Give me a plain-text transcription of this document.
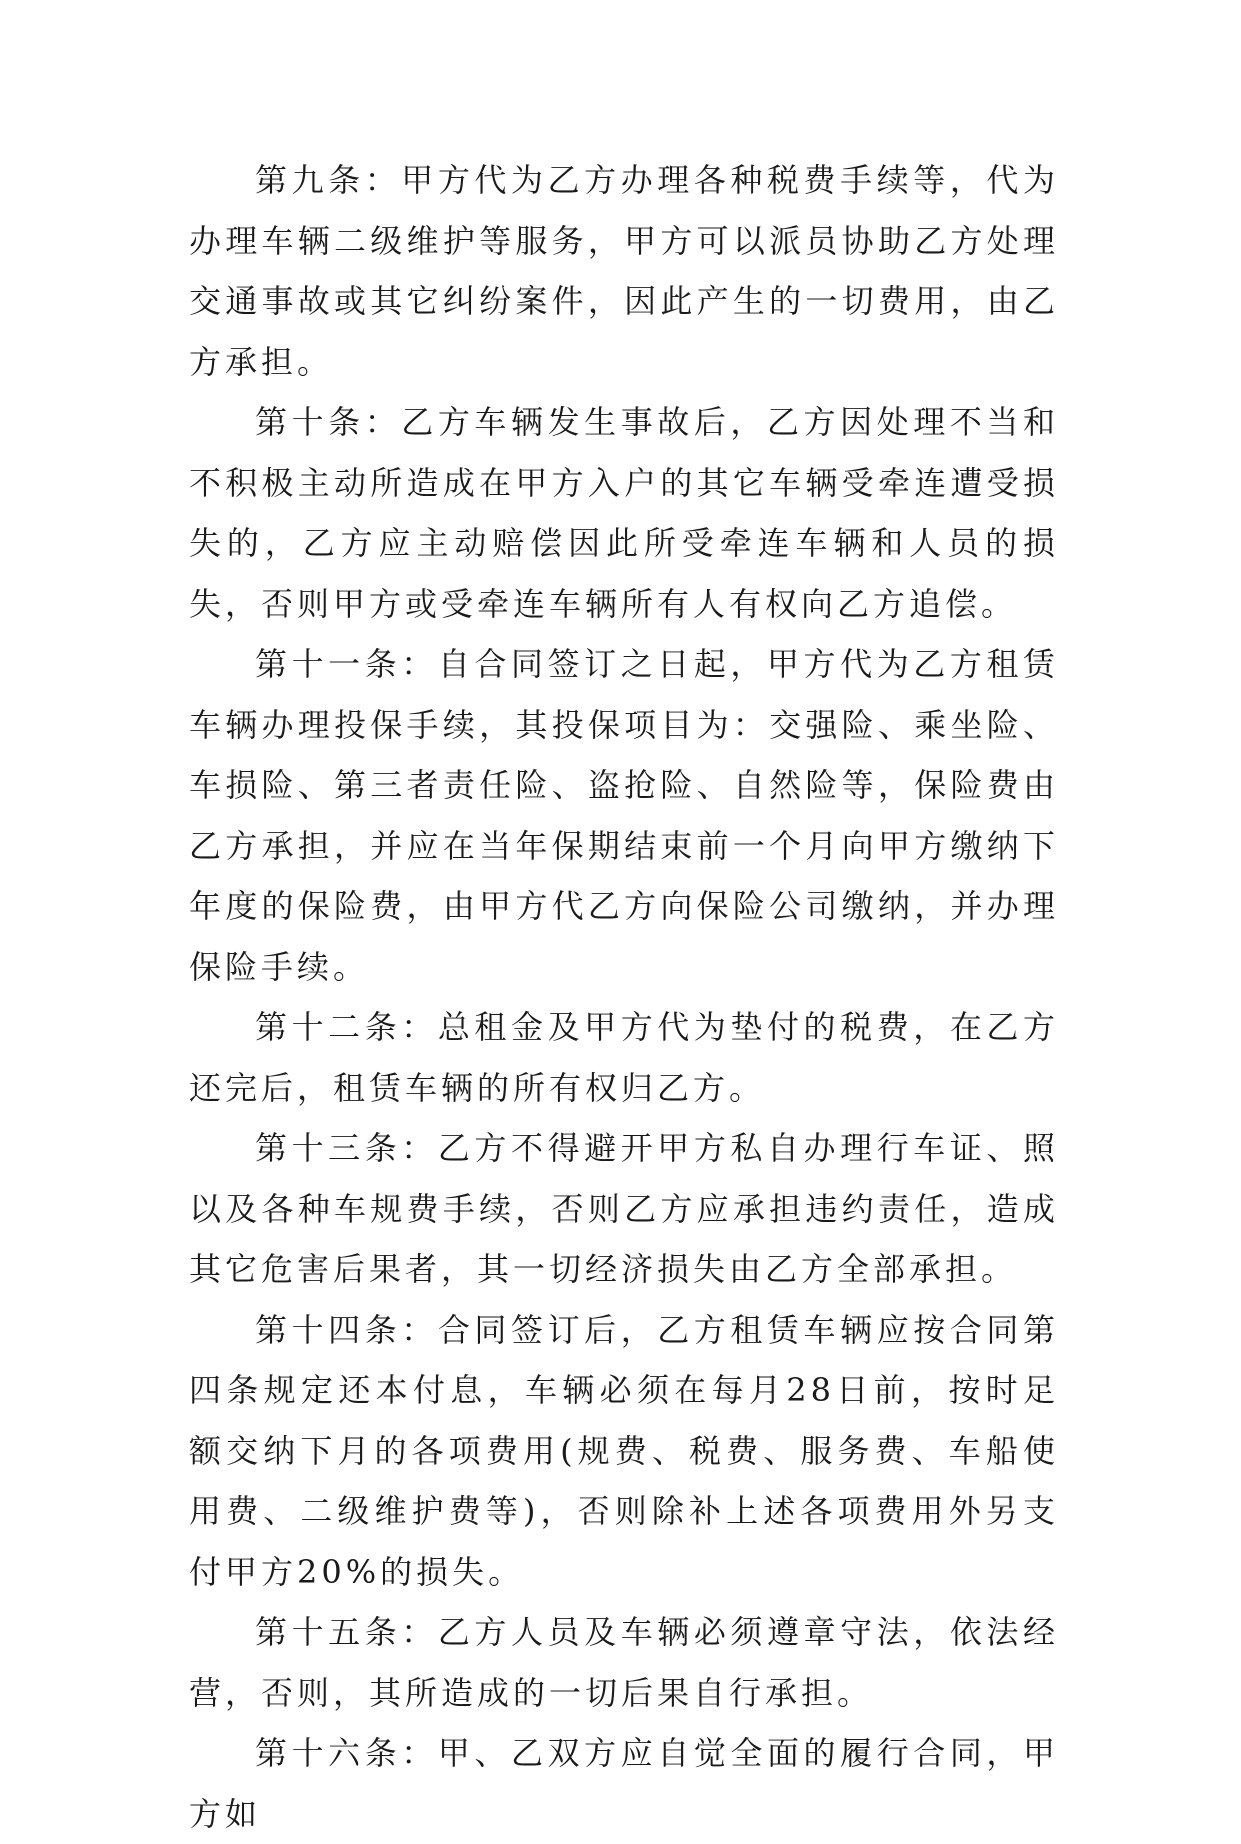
第九条：甲方代为乙方办理各种税费手续等，代为办理车辆二级维护等服务，甲方可以派员协助乙方处理交通事故或其它纠纷案件，因此产生的一切费用，由乙方承担。

第十条：乙方车辆发生事故后，乙方因处理不当和不积极主动所造成在甲方入户的其它车辆受牵连遭受损失的，乙方应主动赔偿因此所受牵连车辆和人员的损失，否则甲方或受牵连车辆所有人有权向乙方追偿。

第十一条：自合同签订之日起，甲方代为乙方租赁车辆办理投保手续，其投保项目为：交强险、乘坐险、车损险、第三者责任险、盗抢险、自然险等，保险费由乙方承担，并应在当年保期结束前一个月向甲方缴纳下年度的保险费，由甲方代乙方向保险公司缴纳，并办理保险手续。

第十二条：总租金及甲方代为垫付的税费，在乙方还完后，租赁车辆的所有权归乙方。

第十三条：乙方不得避开甲方私自办理行车证、照以及各种车规费手续，否则乙方应承担违约责任，造成其它危害后果者，其一切经济损失由乙方全部承担。

第十四条：合同签订后，乙方租赁车辆应按合同第四条规定还本付息，车辆必须在每月28日前，按时足额交纳下月的各项费用(规费、税费、服务费、车船使用费、二级维护费等)，否则除补上述各项费用外另支付甲方20%的损失。

第十五条：乙方人员及车辆必须遵章守法，依法经营，否则，其所造成的一切后果自行承担。

第十六条：甲、乙双方应自觉全面的履行合同，甲方如
